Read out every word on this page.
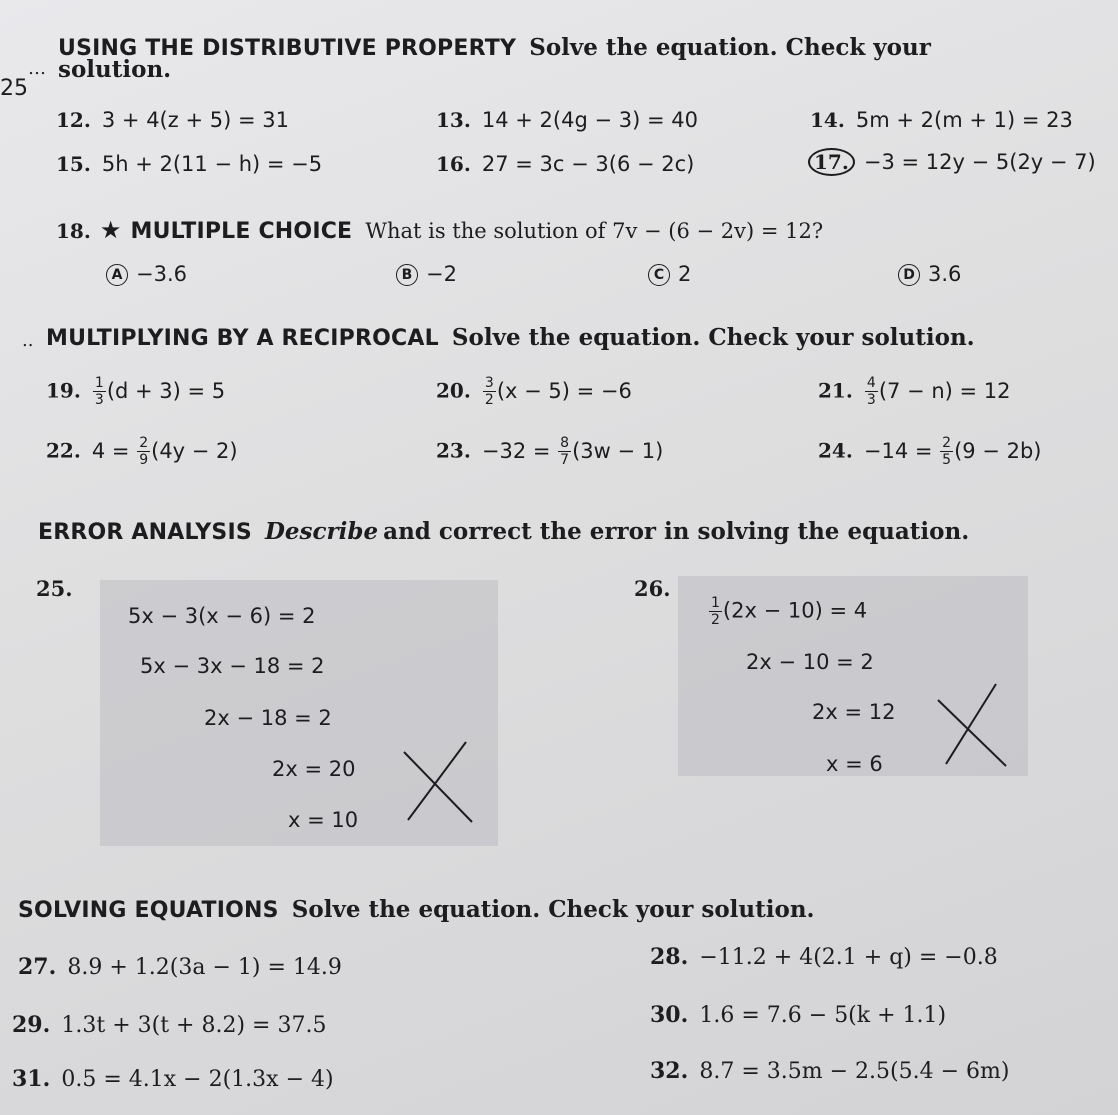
…
25
USING THE DISTRIBUTIVE PROPERTY Solve the equation. Check your
solution.
12. 3 + 4(z + 5) = 31	13. 14 + 2(4g − 3) = 40	14. 5m + 2(m + 1) = 23
15. 5h + 2(11 − h) = −5	16. 27 = 3c − 3(6 − 2c)	17. −3 = 12y − 5(2y − 7)
18. ★ MULTIPLE CHOICE What is the solution of 7v − (6 − 2v) = 12?
A −3.6	B −2	C 2	D 3.6
.. MULTIPLYING BY A RECIPROCAL Solve the equation. Check your solution.
19. $\frac{1}{3} (d + 3) = 5$	20. $\frac{3}{2} (x - 5) = -6$	21. $\frac{4}{3} (7 - n) = 12$
22. $4 = \frac{2}{9} (4y - 2)$	23. $-32 = \frac{8}{7} (3w - 1)$	24. $-14 = \frac{2}{5} (9 - 2b)$
ERROR ANALYSIS Describe and correct the error in solving the equation.
25.
5x − 3(x − 6) = 2
5x − 3x − 18 = 2
2x − 18 = 2
2x = 20
x = 10
26.
$\frac{1}{2} (2x - 10) = 4$
2x − 10 = 2
2x = 12
x = 6
SOLVING EQUATIONS Solve the equation. Check your solution.
27. 8.9 + 1.2(3a − 1) = 14.9	28. −11.2 + 4(2.1 + q) = −0.8
29. 1.3t + 3(t + 8.2) = 37.5	30. 1.6 = 7.6 − 5(k + 1.1)
31. 0.5 = 4.1x − 2(1.3x − 4)	32. 8.7 = 3.5m − 2.5(5.4 − 6m)
